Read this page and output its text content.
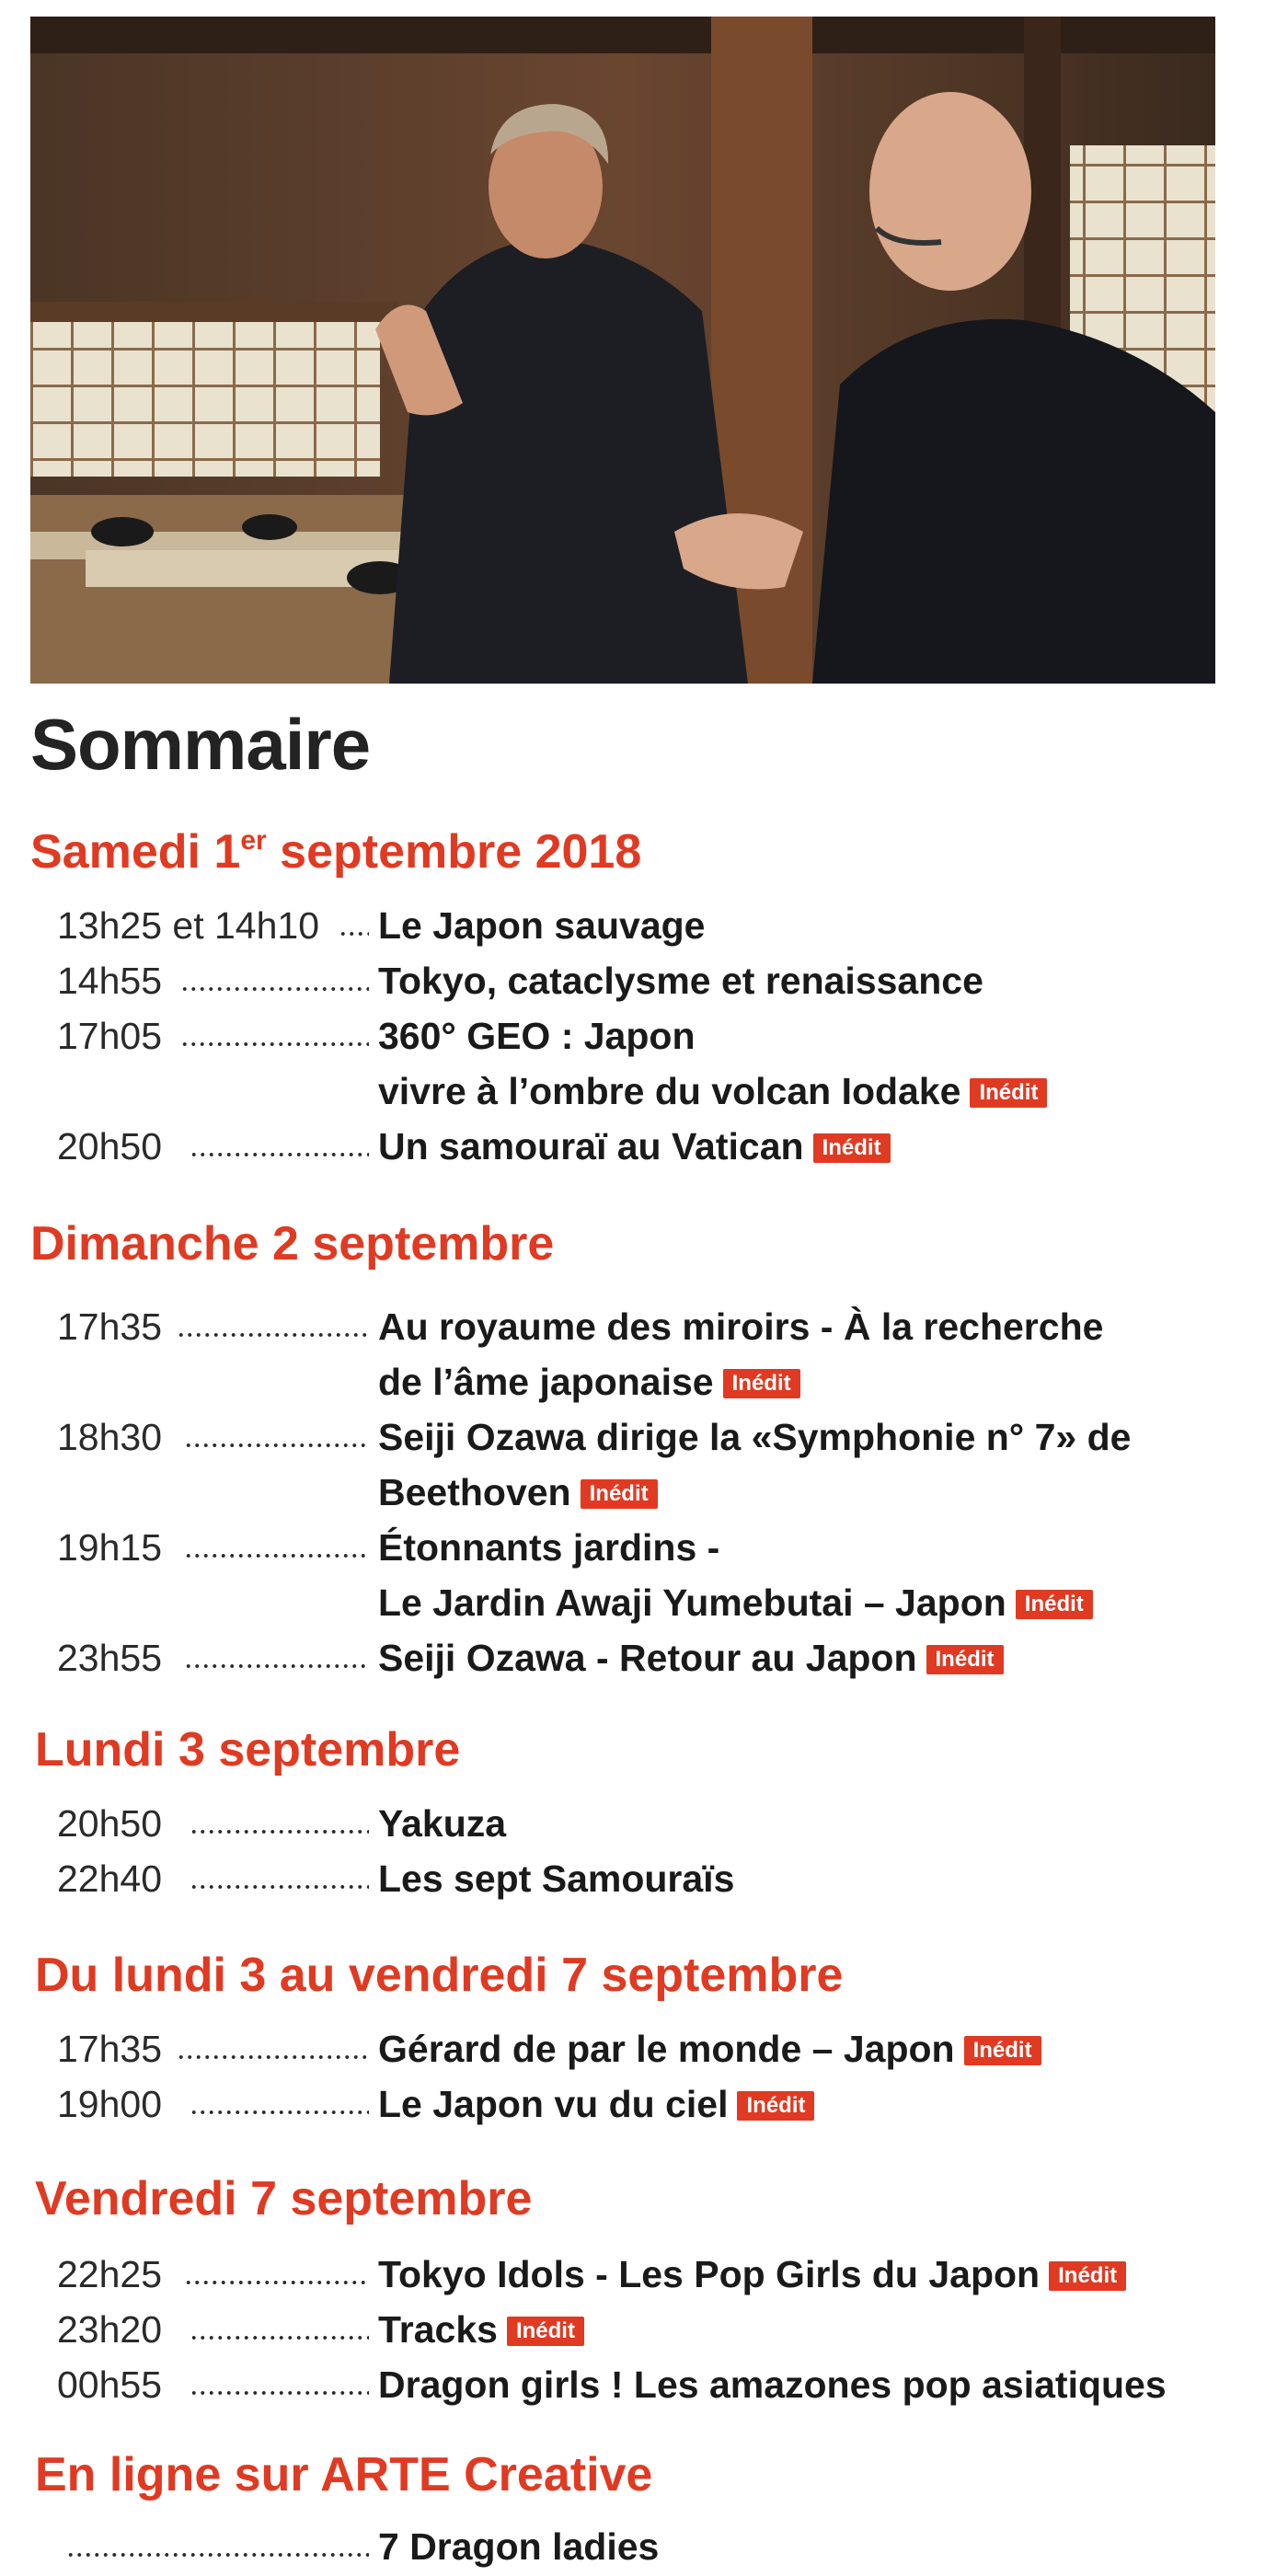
Sommaire
Samedi 1er septembre 2018
13h25 et 14h10 Le Japon sauvage
14h55	Tokyo, cataclysme et renaissance
17h05	360° GEO : Japon
vivre à l’ombre du volcan Iodake Inédit
20h50	Un samouraï au Vatican Inédit
Dimanche 2 septembre
17h35	Au royaume des miroirs - À la recherche
de l’âme japonaise Inédit
18h30	Seiji Ozawa dirige la «Symphonie n° 7» de
Beethoven Inédit
19h15	Étonnants jardins -
Le Jardin Awaji Yumebutai – Japon Inédit
23h55	Seiji Ozawa - Retour au Japon Inédit
Lundi 3 septembre
20h50	Yakuza
22h40	Les sept Samouraïs
Du lundi 3 au vendredi 7 septembre
17h35	Gérard de par le monde – Japon Inédit
19h00	Le Japon vu du ciel Inédit
Vendredi 7 septembre
22h25	Tokyo Idols - Les Pop Girls du Japon Inédit
23h20	Tracks Inédit
00h55	Dragon girls ! Les amazones pop asiatiques
En ligne sur ARTE Creative
7 Dragon ladies
